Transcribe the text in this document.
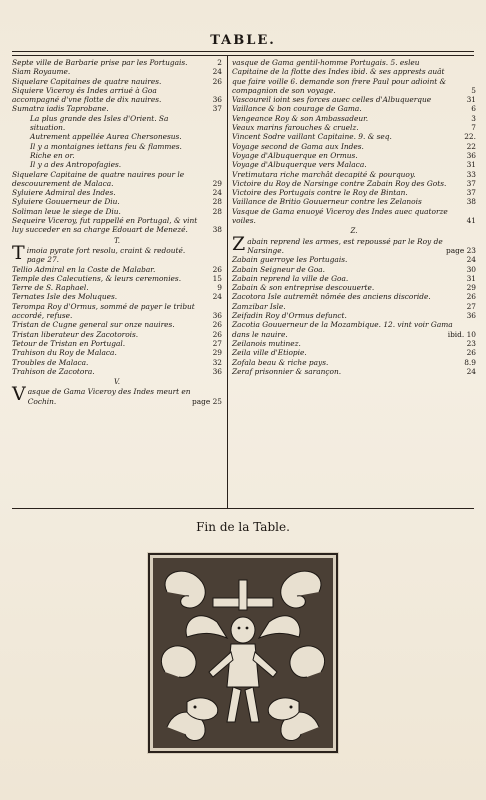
TABLE.
Septe ville de Barbarie prise par les Portugais.	2
Siam Royaume.	24
Siquelare Capitaines de quatre nauires.	26
Siquiere Viceroy és Indes arriué à Goa accompagné d'vne flotte de dix nauires.	36
Sumatra iadis Taprobane.	37
La plus grande des Isles d'Orient. Sa situation.
Autrement appellée Aurea Chersonesus.
Il y a montaignes iettans feu & flammes.
Riche en or.
Il y a des Antropofagies.
Siquelare Capitaine de quatre nauires pour le descouurement de Malaca.	29
Syluiere Admiral des Indes.	24
Syluiere Gouuerneur de Diu.	28
Soliman leue le siege de Diu.	28
Sequeire Viceroy, fut rappellé en Portugal, & vint luy succeder en sa charge Edouart de Menezé.	38
T.
Timoia pyrate fort resolu, craint & redouté. page 27.
Tellio Admiral en la Coste de Malabar.	26
Temple des Calecutiens, & leurs ceremonies.	15
Terre de S. Raphael.	9
Ternates Isle des Moluques.	24
Terompa Roy d'Ormus, sommé de payer le tribut accordé, refuse.	36
Tristan de Cugne general sur onze nauires.	26
Tristan liberateur des Zacotorois.	26
Tetour de Tristan en Portugal.	27
Trahison du Roy de Malaca.	29
Troubles de Malaca.	32
Trahison de Zacotora.	36
V.
Vasque de Gama Viceroy des Indes meurt en Cochin.	page 25
vasque de Gama gentil-homme Portugais. 5. esleu Capitaine de la flotte des Indes ibid. & ses apprests auât que faire voille 6. demande son frere Paul pour adioint & compagnion de son voyage.	5
Vascoureil ioint ses forces auec celles d'Albuquerque	31
Vaillance & bon courage de Gama.	6
Vengeance Roy & son Ambassadeur.	3
Veaux marins farouches & cruelz.	7
Vincent Sodre vaillant Capitaine. 9. & seq.	22.
Voyage second de Gama aux Indes.	22
Voyage d'Albuquerque en Ormus.	36
Voyage d'Albuquerque vers Malaca.	31
Vretimutara riche marchât decapité & pourquoy.	33
Victoire du Roy de Narsinge contre Zabain Roy des Gots.	37
Victoire des Portugais contre le Roy de Bintan.	37
Vaillance de Britio Gouuerneur contre les Zelanois	38
Vasque de Gama enuoyé Viceroy des Indes auec quatorze voiles.	41
Z.
Zabain reprend les armes, est repoussé par le Roy de Narsinge.	page 23
Zabain guerroye les Portugais.	24
Zabain Seigneur de Goa.	30
Zabain reprend la ville de Goa.	31
Zabain & son entreprise descouuerte.	29
Zacotora Isle autremêt nômée des anciens discoride.	26
Zamzibar Isle.	27
Zeifadin Roy d'Ormus defunct.	36
Zacotia Gouuerneur de la Mozambique. 12. vint voir Gama dans le nauire.	ibid. 10
Zeilanois mutinez.	23
Zeila ville d'Etiopie.	26
Zofala beau & riche pays.	8.9
Zeraf prisonnier & sarançon.	24
Fin de la Table.
